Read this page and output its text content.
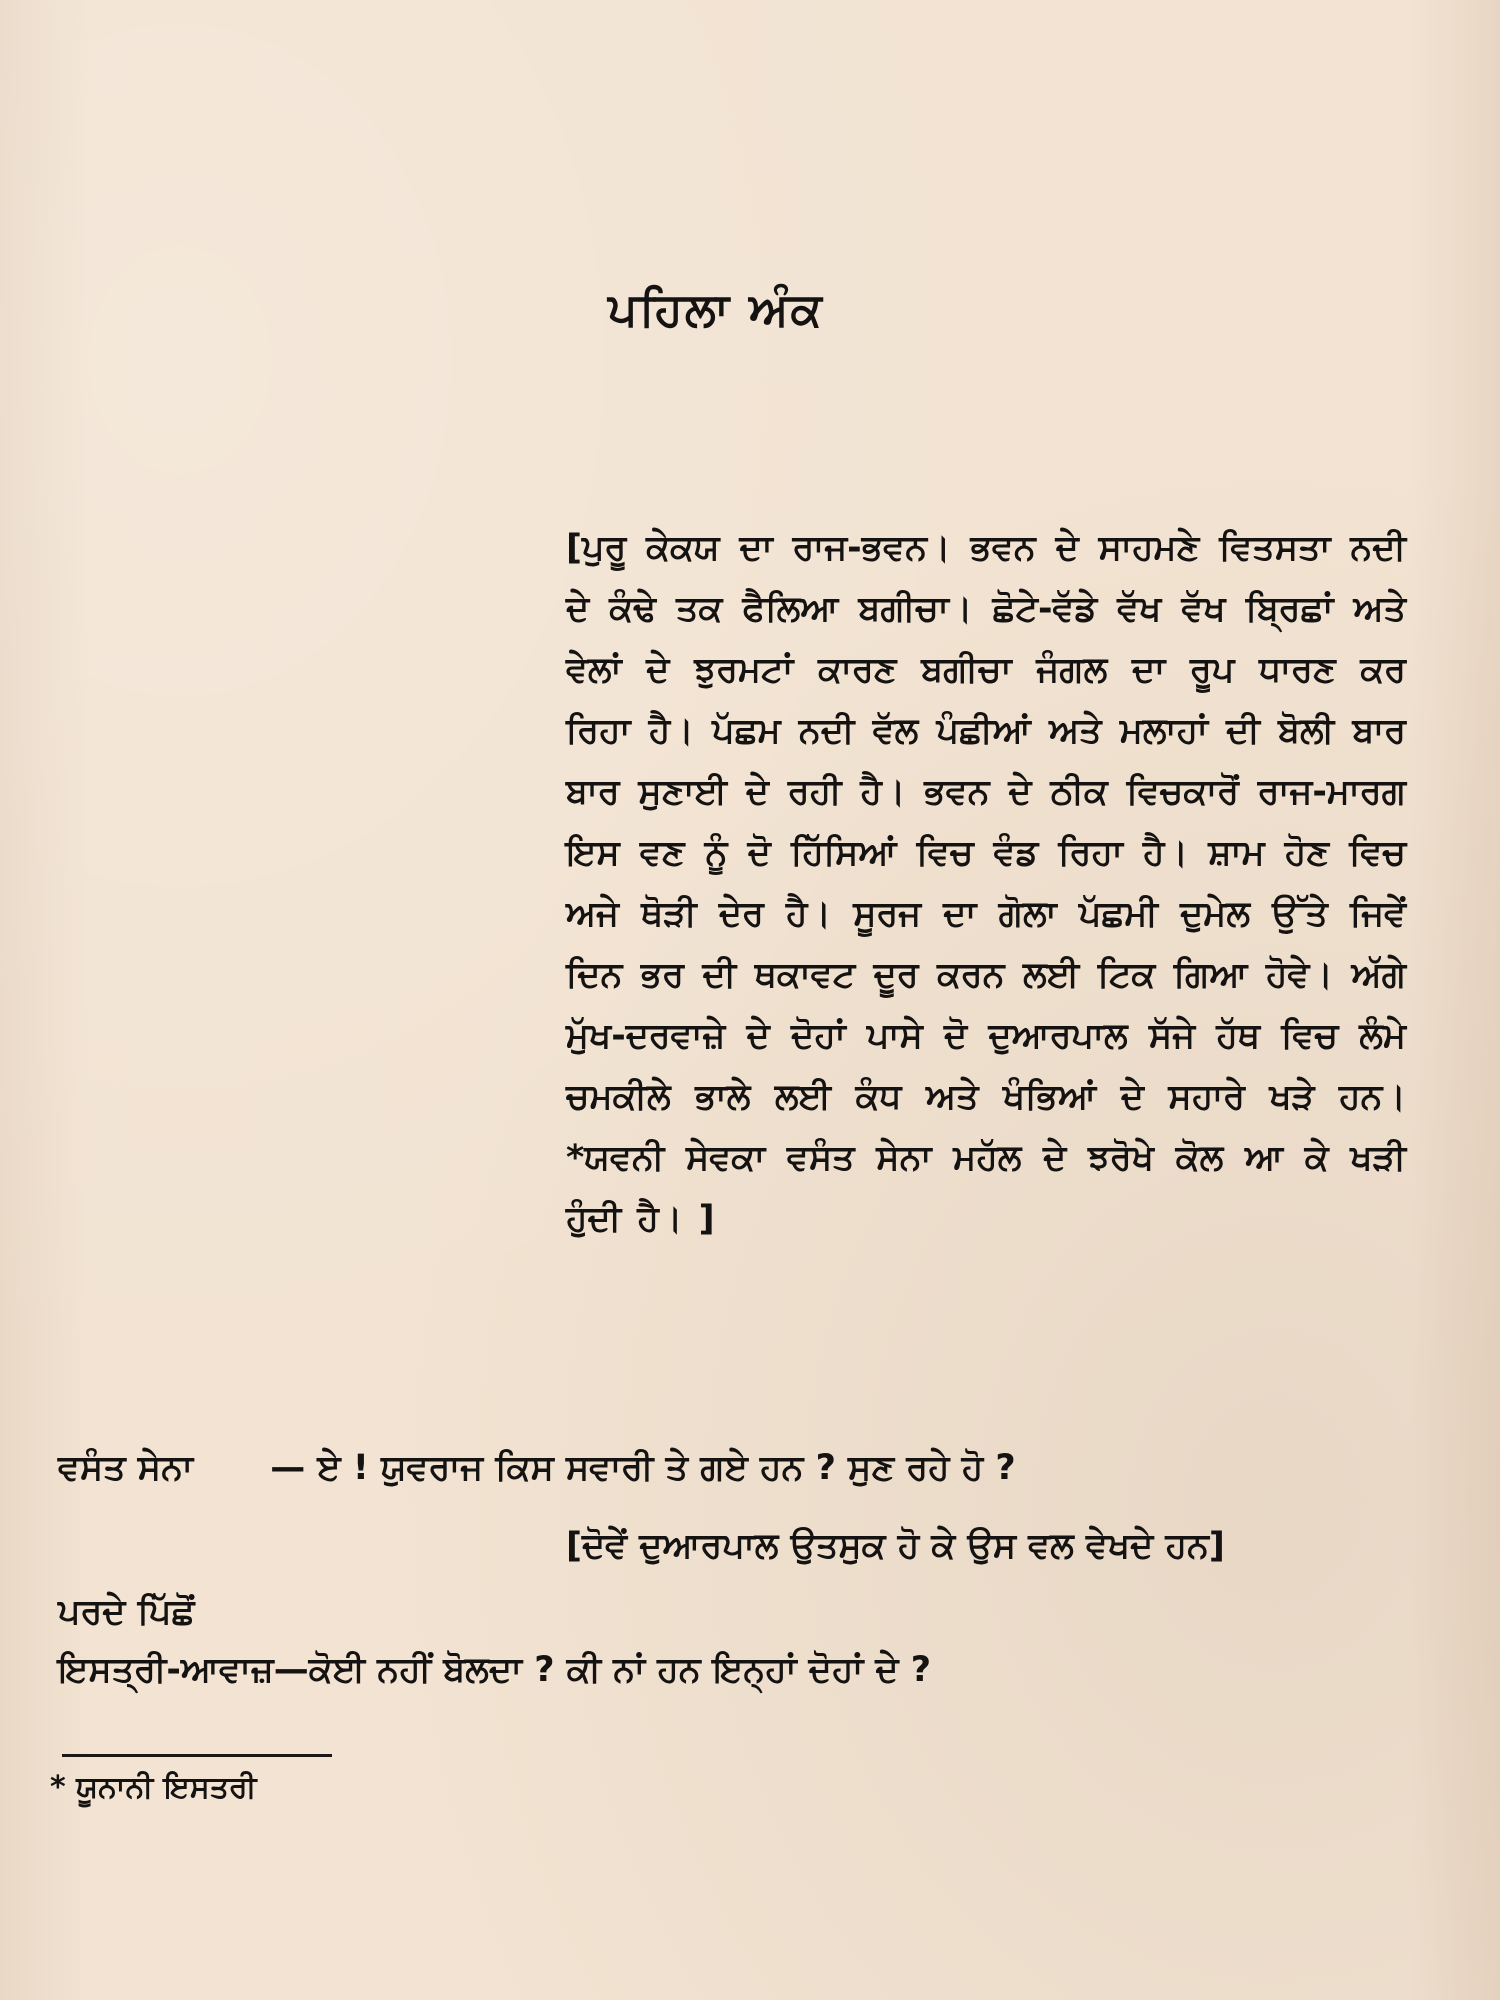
ਪਹਿਲਾ ਅੰਕ

[ਪੁਰੂ ਕੇਕਯ ਦਾ ਰਾਜ-ਭਵਨ। ਭਵਨ ਦੇ ਸਾਹਮਣੇ ਵਿਤਸਤਾ ਨਦੀ ਦੇ ਕੰਢੇ ਤਕ ਫੈਲਿਆ ਬਗੀਚਾ। ਛੋਟੇ-ਵੱਡੇ ਵੱਖ ਵੱਖ ਬ੍ਰਿਛਾਂ ਅਤੇ ਵੇਲਾਂ ਦੇ ਝੁਰਮਟਾਂ ਕਾਰਣ ਬਗੀਚਾ ਜੰਗਲ ਦਾ ਰੂਪ ਧਾਰਣ ਕਰ ਰਿਹਾ ਹੈ। ਪੱਛਮ ਨਦੀ ਵੱਲ ਪੰਛੀਆਂ ਅਤੇ ਮਲਾਹਾਂ ਦੀ ਬੋਲੀ ਬਾਰ ਬਾਰ ਸੁਣਾਈ ਦੇ ਰਹੀ ਹੈ। ਭਵਨ ਦੇ ਠੀਕ ਵਿਚਕਾਰੋਂ ਰਾਜ-ਮਾਰਗ ਇਸ ਵਣ ਨੂੰ ਦੋ ਹਿੱਸਿਆਂ ਵਿਚ ਵੰਡ ਰਿਹਾ ਹੈ। ਸ਼ਾਮ ਹੋਣ ਵਿਚ ਅਜੇ ਥੋੜੀ ਦੇਰ ਹੈ। ਸੂਰਜ ਦਾ ਗੋਲਾ ਪੱਛਮੀ ਦੁਮੇਲ ਉੱਤੇ ਜਿਵੇਂ ਦਿਨ ਭਰ ਦੀ ਥਕਾਵਟ ਦੂਰ ਕਰਨ ਲਈ ਟਿਕ ਗਿਆ ਹੋਵੇ। ਅੱਗੇ ਮੁੱਖ-ਦਰਵਾਜ਼ੇ ਦੇ ਦੋਹਾਂ ਪਾਸੇ ਦੋ ਦੁਆਰਪਾਲ ਸੱਜੇ ਹੱਥ ਵਿਚ ਲੰਮੇ ਚਮਕੀਲੇ ਭਾਲੇ ਲਈ ਕੰਧ ਅਤੇ ਖੰਭਿਆਂ ਦੇ ਸਹਾਰੇ ਖੜੇ ਹਨ। *ਯਵਨੀ ਸੇਵਕਾ ਵਸੰਤ ਸੇਨਾ ਮਹੱਲ ਦੇ ਝਰੋਖੇ ਕੋਲ ਆ ਕੇ ਖੜੀ ਹੁੰਦੀ ਹੈ। ]

ਵਸੰਤ ਸੇਨਾ — ਏ ! ਯੁਵਰਾਜ ਕਿਸ ਸਵਾਰੀ ਤੇ ਗਏ ਹਨ ? ਸੁਣ ਰਹੇ ਹੋ ?

[ਦੋਵੇਂ ਦੁਆਰਪਾਲ ਉਤਸੁਕ ਹੋ ਕੇ ਉਸ ਵਲ ਵੇਖਦੇ ਹਨ]

ਪਰਦੇ ਪਿੱਛੋਂ

ਇਸਤ੍ਰੀ-ਆਵਾਜ਼—ਕੋਈ ਨਹੀਂ ਬੋਲਦਾ ? ਕੀ ਨਾਂ ਹਨ ਇਨ੍ਹਾਂ ਦੋਹਾਂ ਦੇ ?

* ਯੂਨਾਨੀ ਇਸਤਰੀ
